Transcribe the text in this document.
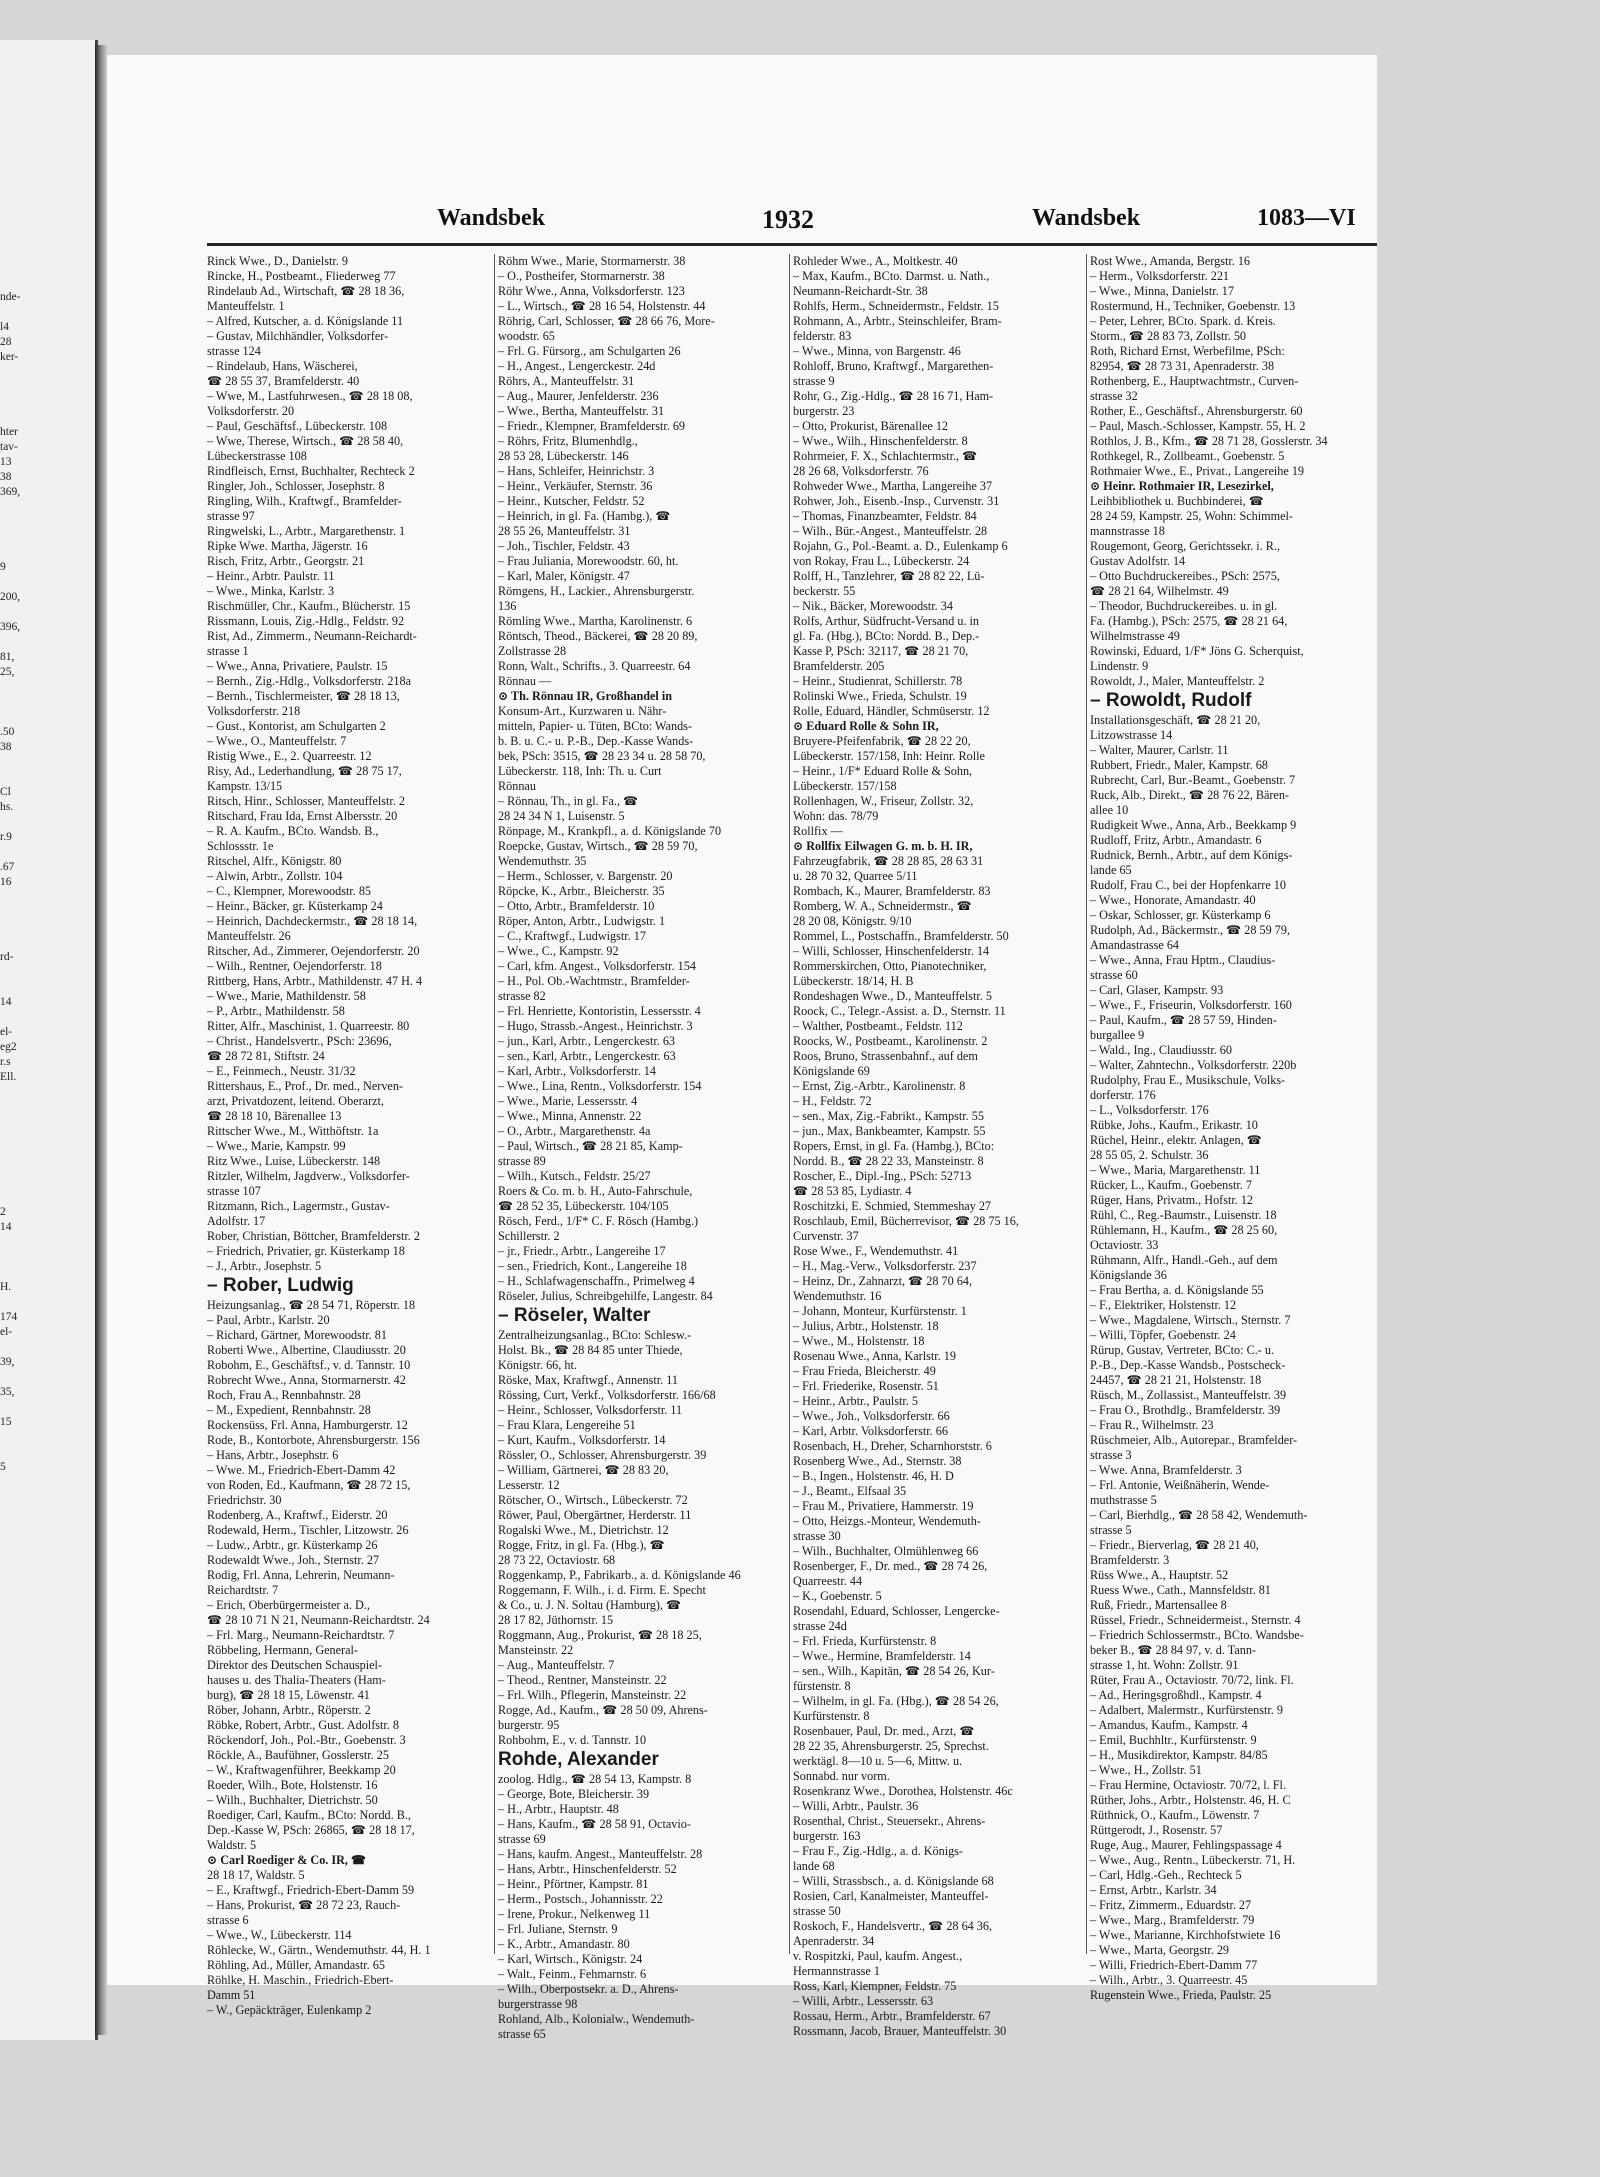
nde-
l4
28
ker-
hter
tav-
13
38
369,
9
200,
396,
81,
25,
.50
38
Cl
hs.
r.9
.67
16
rd-
14
el-
eg2
r.s
Ell.
2
14
H.
174
el-
39,
35,
15
5
Wandsbek	1932	Wandsbek	1083—VI
Rinck Wwe., D., Danielstr. 9
Rincke, H., Postbeamt., Fliederweg 77
Rindelaub Ad., Wirtschaft, ☎ 28 18 36,
Manteuffelstr. 1
– Alfred, Kutscher, a. d. Königslande 11
– Gustav, Milchhändler, Volksdorfer-
strasse 124
– Rindelaub, Hans, Wäscherei,
☎ 28 55 37, Bramfelderstr. 40
– Wwe, M., Lastfuhrwesen., ☎ 28 18 08,
Volksdorferstr. 20
– Paul, Geschäftsf., Lübeckerstr. 108
– Wwe, Therese, Wirtsch., ☎ 28 58 40,
Lübeckerstrasse 108
Rindfleisch, Ernst, Buchhalter, Rechteck 2
Ringler, Joh., Schlosser, Josephstr. 8
Ringling, Wilh., Kraftwgf., Bramfelder-
strasse 97
Ringwelski, L., Arbtr., Margarethenstr. 1
Ripke Wwe. Martha, Jägerstr. 16
Risch, Fritz, Arbtr., Georgstr. 21
– Heinr., Arbtr. Paulstr. 11
– Wwe., Minka, Karlstr. 3
Rischmüller, Chr., Kaufm., Blücherstr. 15
Rissmann, Louis, Zig.-Hdlg., Feldstr. 92
Rist, Ad., Zimmerm., Neumann-Reichardt-
strasse 1
– Wwe., Anna, Privatiere, Paulstr. 15
– Bernh., Zig.-Hdlg., Volksdorferstr. 218a
– Bernh., Tischlermeister, ☎ 28 18 13,
Volksdorferstr. 218
– Gust., Kontorist, am Schulgarten 2
– Wwe., O., Manteuffelstr. 7
Ristig Wwe., E., 2. Quarreestr. 12
Risy, Ad., Lederhandlung, ☎ 28 75 17,
Kampstr. 13/15
Ritsch, Hinr., Schlosser, Manteuffelstr. 2
Ritschard, Frau Ida, Ernst Albersstr. 20
– R. A. Kaufm., BCto. Wandsb. B.,
Schlossstr. 1e
Ritschel, Alfr., Königstr. 80
– Alwin, Arbtr., Zollstr. 104
– C., Klempner, Morewoodstr. 85
– Heinr., Bäcker, gr. Küsterkamp 24
– Heinrich, Dachdeckermstr., ☎ 28 18 14,
Manteuffelstr. 26
Ritscher, Ad., Zimmerer, Oejendorferstr. 20
– Wilh., Rentner, Oejendorferstr. 18
Rittberg, Hans, Arbtr., Mathildenstr. 47 H. 4
– Wwe., Marie, Mathildenstr. 58
– P., Arbtr., Mathildenstr. 58
Ritter, Alfr., Maschinist, 1. Quarreestr. 80
– Christ., Handelsvertr., PSch: 23696,
☎ 28 72 81, Stiftstr. 24
– E., Feinmech., Neustr. 31/32
Rittershaus, E., Prof., Dr. med., Nerven-
arzt, Privatdozent, leitend. Oberarzt,
☎ 28 18 10, Bärenallee 13
Rittscher Wwe., M., Witthöftstr. 1a
– Wwe., Marie, Kampstr. 99
Ritz Wwe., Luise, Lübeckerstr. 148
Ritzler, Wilhelm, Jagdverw., Volksdorfer-
strasse 107
Ritzmann, Rich., Lagermstr., Gustav-
Adolfstr. 17
Rober, Christian, Böttcher, Bramfelderstr. 2
– Friedrich, Privatier, gr. Küsterkamp 18
– J., Arbtr., Josephstr. 5
– Rober, Ludwig
Heizungsanlag., ☎ 28 54 71, Röperstr. 18
– Paul, Arbtr., Karlstr. 20
– Richard, Gärtner, Morewoodstr. 81
Roberti Wwe., Albertine, Claudiusstr. 20
Robohm, E., Geschäftsf., v. d. Tannstr. 10
Robrecht Wwe., Anna, Stormarnerstr. 42
Roch, Frau A., Rennbahnstr. 28
– M., Expedient, Rennbahnstr. 28
Rockensüss, Frl. Anna, Hamburgerstr. 12
Rode, B., Kontorbote, Ahrensburgerstr. 156
– Hans, Arbtr., Josephstr. 6
– Wwe. M., Friedrich-Ebert-Damm 42
von Roden, Ed., Kaufmann, ☎ 28 72 15,
Friedrichstr. 30
Rodenberg, A., Kraftwf., Eiderstr. 20
Rodewald, Herm., Tischler, Litzowstr. 26
– Ludw., Arbtr., gr. Küsterkamp 26
Rodewaldt Wwe., Joh., Sternstr. 27
Rodig, Frl. Anna, Lehrerin, Neumann-
Reichardtstr. 7
– Erich, Oberbürgermeister a. D.,
☎ 28 10 71 N 21, Neumann-Reichardtstr. 24
– Frl. Marg., Neumann-Reichardtstr. 7
Röbbeling, Hermann, General-
Direktor des Deutschen Schauspiel-
hauses u. des Thalia-Theaters (Ham-
burg), ☎ 28 18 15, Löwenstr. 41
Röber, Johann, Arbtr., Röperstr. 2
Röbke, Robert, Arbtr., Gust. Adolfstr. 8
Röckendorf, Joh., Pol.-Btr., Goebenstr. 3
Röckle, A., Baufühner, Gosslerstr. 25
– W., Kraftwagenführer, Beekkamp 20
Roeder, Wilh., Bote, Holstenstr. 16
– Wilh., Buchhalter, Dietrichstr. 50
Roediger, Carl, Kaufm., BCto: Nordd. B.,
Dep.-Kasse W, PSch: 26865, ☎ 28 18 17,
Waldstr. 5
⊙ Carl Roediger & Co. IR, ☎
28 18 17, Waldstr. 5
– E., Kraftwgf., Friedrich-Ebert-Damm 59
– Hans, Prokurist, ☎ 28 72 23, Rauch-
strasse 6
– Wwe., W., Lübeckerstr. 114
Röhlecke, W., Gärtn., Wendemuthstr. 44, H. 1
Röhling, Ad., Müller, Amandastr. 65
Röhlke, H. Maschin., Friedrich-Ebert-
Damm 51
– W., Gepäckträger, Eulenkamp 2
Röhm Wwe., Marie, Stormarnerstr. 38
– O., Postheifer, Stormarnerstr. 38
Röhr Wwe., Anna, Volksdorferstr. 123
– L., Wirtsch., ☎ 28 16 54, Holstenstr. 44
Röhrig, Carl, Schlosser, ☎ 28 66 76, More-
woodstr. 65
– Frl. G. Fürsorg., am Schulgarten 26
– H., Angest., Lengerckestr. 24d
Röhrs, A., Manteuffelstr. 31
– Aug., Maurer, Jenfelderstr. 236
– Wwe., Bertha, Manteuffelstr. 31
– Friedr., Klempner, Bramfelderstr. 69
– Röhrs, Fritz, Blumenhdlg.,
28 53 28, Lübeckerstr. 146
– Hans, Schleifer, Heinrichstr. 3
– Heinr., Verkäufer, Sternstr. 36
– Heinr., Kutscher, Feldstr. 52
– Heinrich, in gl. Fa. (Hambg.), ☎
28 55 26, Manteuffelstr. 31
– Joh., Tischler, Feldstr. 43
– Frau Juliania, Morewoodstr. 60, ht.
– Karl, Maler, Königstr. 47
Römgens, H., Lackier., Ahrensburgerstr.
136
Römling Wwe., Martha, Karolinenstr. 6
Röntsch, Theod., Bäckerei, ☎ 28 20 89,
Zollstrasse 28
Ronn, Walt., Schrifts., 3. Quarreestr. 64
Rönnau —
⊙ Th. Rönnau IR, Großhandel in
Konsum-Art., Kurzwaren u. Nähr-
mitteln, Papier- u. Tüten, BCto: Wands-
b. B. u. C.- u. P.-B., Dep.-Kasse Wands-
bek, PSch: 3515, ☎ 28 23 34 u. 28 58 70,
Lübeckerstr. 118, Inh: Th. u. Curt
Rönnau
– Rönnau, Th., in gl. Fa., ☎
28 24 34 N 1, Luisenstr. 5
Rönpage, M., Krankpfl., a. d. Königslande 70
Roepcke, Gustav, Wirtsch., ☎ 28 59 70,
Wendemuthstr. 35
– Herm., Schlosser, v. Bargenstr. 20
Röpcke, K., Arbtr., Bleicherstr. 35
– Otto, Arbtr., Bramfelderstr. 10
Röper, Anton, Arbtr., Ludwigstr. 1
– C., Kraftwgf., Ludwigstr. 17
– Wwe., C., Kampstr. 92
– Carl, kfm. Angest., Volksdorferstr. 154
– H., Pol. Ob.-Wachtmstr., Bramfelder-
strasse 82
– Frl. Henriette, Kontoristin, Lessersstr. 4
– Hugo, Strassb.-Angest., Heinrichstr. 3
– jun., Karl, Arbtr., Lengerckestr. 63
– sen., Karl, Arbtr., Lengerckestr. 63
– Karl, Arbtr., Volksdorferstr. 14
– Wwe., Lina, Rentn., Volksdorferstr. 154
– Wwe., Marie, Lessersstr. 4
– Wwe., Minna, Annenstr. 22
– O., Arbtr., Margarethenstr. 4a
– Paul, Wirtsch., ☎ 28 21 85, Kamp-
strasse 89
– Wilh., Kutsch., Feldstr. 25/27
Roers & Co. m. b. H., Auto-Fahrschule,
☎ 28 52 35, Lübeckerstr. 104/105
Rösch, Ferd., 1/F* C. F. Rösch (Hambg.)
Schillerstr. 2
– jr., Friedr., Arbtr., Langereihe 17
– sen., Friedrich, Kont., Langereihe 18
– H., Schlafwagenschaffn., Primelweg 4
Röseler, Julius, Schreibgehilfe, Langestr. 84
– Röseler, Walter
Zentralheizungsanlag., BCto: Schlesw.-
Holst. Bk., ☎ 28 84 85 unter Thiede,
Königstr. 66, ht.
Röske, Max, Kraftwgf., Annenstr. 11
Rössing, Curt, Verkf., Volksdorferstr. 166/68
– Heinr., Schlosser, Volksdorferstr. 11
– Frau Klara, Lengereihe 51
– Kurt, Kaufm., Volksdorferstr. 14
Rössler, O., Schlosser, Ahrensburgerstr. 39
– William, Gärtnerei, ☎ 28 83 20,
Lesserstr. 12
Rötscher, O., Wirtsch., Lübeckerstr. 72
Röwer, Paul, Obergärtner, Herderstr. 11
Rogalski Wwe., M., Dietrichstr. 12
Rogge, Fritz, in gl. Fa. (Hbg.), ☎
28 73 22, Octaviostr. 68
Roggenkamp, P., Fabrikarb., a. d. Königslande 46
Roggemann, F. Wilh., i. d. Firm. E. Specht
& Co., u. J. N. Soltau (Hamburg), ☎
28 17 82, Jüthornstr. 15
Roggmann, Aug., Prokurist, ☎ 28 18 25,
Mansteinstr. 22
– Aug., Manteuffelstr. 7
– Theod., Rentner, Mansteinstr. 22
– Frl. Wilh., Pflegerin, Mansteinstr. 22
Rogge, Ad., Kaufm., ☎ 28 50 09, Ahrens-
burgerstr. 95
Rohbohm, E., v. d. Tannstr. 10
Rohde, Alexander
zoolog. Hdlg., ☎ 28 54 13, Kampstr. 8
– George, Bote, Bleicherstr. 39
– H., Arbtr., Hauptstr. 48
– Hans, Kaufm., ☎ 28 58 91, Octavio-
strasse 69
– Hans, kaufm. Angest., Manteuffelstr. 28
– Hans, Arbtr., Hinschenfelderstr. 52
– Heinr., Pförtner, Kampstr. 81
– Herm., Postsch., Johannisstr. 22
– Irene, Prokur., Nelkenweg 11
– Frl. Juliane, Sternstr. 9
– K., Arbtr., Amandastr. 80
– Karl, Wirtsch., Königstr. 24
– Walt., Feinm., Fehmarnstr. 6
– Wilh., Oberpostsekr. a. D., Ahrens-
burgerstrasse 98
Rohland, Alb., Kolonialw., Wendemuth-
strasse 65
Rohleder Wwe., A., Moltkestr. 40
– Max, Kaufm., BCto. Darmst. u. Nath.,
Neumann-Reichardt-Str. 38
Rohlfs, Herm., Schneidermstr., Feldstr. 15
Rohmann, A., Arbtr., Steinschleifer, Bram-
felderstr. 83
– Wwe., Minna, von Bargenstr. 46
Rohloff, Bruno, Kraftwgf., Margarethen-
strasse 9
Rohr, G., Zig.-Hdlg., ☎ 28 16 71, Ham-
burgerstr. 23
– Otto, Prokurist, Bärenallee 12
– Wwe., Wilh., Hinschenfelderstr. 8
Rohrmeier, F. X., Schlachtermstr., ☎
28 26 68, Volksdorferstr. 76
Rohweder Wwe., Martha, Langereihe 37
Rohwer, Joh., Eisenb.-Insp., Curvenstr. 31
– Thomas, Finanzbeamter, Feldstr. 84
– Wilh., Bür.-Angest., Manteuffelstr. 28
Rojahn, G., Pol.-Beamt. a. D., Eulenkamp 6
von Rokay, Frau L., Lübeckerstr. 24
Rolff, H., Tanzlehrer, ☎ 28 82 22, Lü-
beckerstr. 55
– Nik., Bäcker, Morewoodstr. 34
Rolfs, Arthur, Südfrucht-Versand u. in
gl. Fa. (Hbg.), BCto: Nordd. B., Dep.-
Kasse P, PSch: 32117, ☎ 28 21 70,
Bramfelderstr. 205
– Heinr., Studienrat, Schillerstr. 78
Rolinski Wwe., Frieda, Schulstr. 19
Rolle, Eduard, Händler, Schmüserstr. 12
⊙ Eduard Rolle & Sohn IR,
Bruyere-Pfeifenfabrik, ☎ 28 22 20,
Lübeckerstr. 157/158, Inh: Heinr. Rolle
– Heinr., 1/F* Eduard Rolle & Sohn,
Lübeckerstr. 157/158
Rollenhagen, W., Friseur, Zollstr. 32,
Wohn: das. 78/79
Rollfix —
⊙ Rollfix Eilwagen G. m. b. H. IR,
Fahrzeugfabrik, ☎ 28 28 85, 28 63 31
u. 28 70 32, Quarree 5/11
Rombach, K., Maurer, Bramfelderstr. 83
Romberg, W. A., Schneidermstr., ☎
28 20 08, Königstr. 9/10
Rommel, L., Postschaffn., Bramfelderstr. 50
– Willi, Schlosser, Hinschenfelderstr. 14
Rommerskirchen, Otto, Pianotechniker,
Lübeckerstr. 18/14, H. B
Rondeshagen Wwe., D., Manteuffelstr. 5
Roock, C., Telegr.-Assist. a. D., Sternstr. 11
– Walther, Postbeamt., Feldstr. 112
Roocks, W., Postbeamt., Karolinenstr. 2
Roos, Bruno, Strassenbahnf., auf dem
Königslande 69
– Ernst, Zig.-Arbtr., Karolinenstr. 8
– H., Feldstr. 72
– sen., Max, Zig.-Fabrikt., Kampstr. 55
– jun., Max, Bankbeamter, Kampstr. 55
Ropers, Ernst, in gl. Fa. (Hambg.), BCto:
Nordd. B., ☎ 28 22 33, Mansteinstr. 8
Roscher, E., Dipl.-Ing., PSch: 52713
☎ 28 53 85, Lydiastr. 4
Roschitzki, E. Schmied, Stemmeshay 27
Roschlaub, Emil, Bücherrevisor, ☎ 28 75 16,
Curvenstr. 37
Rose Wwe., F., Wendemuthstr. 41
– H., Mag.-Verw., Volksdorferstr. 237
– Heinz, Dr., Zahnarzt, ☎ 28 70 64,
Wendemuthstr. 16
– Johann, Monteur, Kurfürstenstr. 1
– Julius, Arbtr., Holstenstr. 18
– Wwe., M., Holstenstr. 18
Rosenau Wwe., Anna, Karlstr. 19
– Frau Frieda, Bleicherstr. 49
– Frl. Friederike, Rosenstr. 51
– Heinr., Arbtr., Paulstr. 5
– Wwe., Joh., Volksdorferstr. 66
– Karl, Arbtr. Volksdorferstr. 66
Rosenbach, H., Dreher, Scharnhorststr. 6
Rosenberg Wwe., Ad., Sternstr. 38
– B., Ingen., Holstenstr. 46, H. D
– J., Beamt., Elfsaal 35
– Frau M., Privatiere, Hammerstr. 19
– Otto, Heizgs.-Monteur, Wendemuth-
strasse 30
– Wilh., Buchhalter, Olmühlenweg 66
Rosenberger, F., Dr. med., ☎ 28 74 26,
Quarreestr. 44
– K., Goebenstr. 5
Rosendahl, Eduard, Schlosser, Lengercke-
strasse 24d
– Frl. Frieda, Kurfürstenstr. 8
– Wwe., Hermine, Bramfelderstr. 14
– sen., Wilh., Kapitän, ☎ 28 54 26, Kur-
fürstenstr. 8
– Wilhelm, in gl. Fa. (Hbg.), ☎ 28 54 26,
Kurfürstenstr. 8
Rosenbauer, Paul, Dr. med., Arzt, ☎
28 22 35, Ahrensburgerstr. 25, Sprechst.
werktägl. 8—10 u. 5—6, Mittw. u.
Sonnabd. nur vorm.
Rosenkranz Wwe., Dorothea, Holstenstr. 46c
– Willi, Arbtr., Paulstr. 36
Rosenthal, Christ., Steuersekr., Ahrens-
burgerstr. 163
– Frau F., Zig.-Hdlg., a. d. Königs-
lande 68
– Willi, Strassbsch., a. d. Königslande 68
Rosien, Carl, Kanalmeister, Manteuffel-
strasse 50
Roskoch, F., Handelsvertr., ☎ 28 64 36,
Apenraderstr. 34
v. Rospitzki, Paul, kaufm. Angest.,
Hermannstrasse 1
Ross, Karl, Klempner, Feldstr. 75
– Willi, Arbtr., Lessersstr. 63
Rossau, Herm., Arbtr., Bramfelderstr. 67
Rossmann, Jacob, Brauer, Manteuffelstr. 30
Rost Wwe., Amanda, Bergstr. 16
– Herm., Volksdorferstr. 221
– Wwe., Minna, Danielstr. 17
Rostermund, H., Techniker, Goebenstr. 13
– Peter, Lehrer, BCto. Spark. d. Kreis.
Storm., ☎ 28 83 73, Zollstr. 50
Roth, Richard Ernst, Werbefilme, PSch:
82954, ☎ 28 73 31, Apenraderstr. 38
Rothenberg, E., Hauptwachtmstr., Curven-
strasse 32
Rother, E., Geschäftsf., Ahrensburgerstr. 60
– Paul, Masch.-Schlosser, Kampstr. 55, H. 2
Rothlos, J. B., Kfm., ☎ 28 71 28, Gosslerstr. 34
Rothkegel, R., Zollbeamt., Goebenstr. 5
Rothmaier Wwe., E., Privat., Langereihe 19
⊙ Heinr. Rothmaier IR, Lesezirkel,
Leihbibliothek u. Buchbinderei, ☎
28 24 59, Kampstr. 25, Wohn: Schimmel-
mannstrasse 18
Rougemont, Georg, Gerichtssekr. i. R.,
Gustav Adolfstr. 14
– Otto Buchdruckereibes., PSch: 2575,
☎ 28 21 64, Wilhelmstr. 49
– Theodor, Buchdruckereibes. u. in gl.
Fa. (Hambg.), PSch: 2575, ☎ 28 21 64,
Wilhelmstrasse 49
Rowinski, Eduard, 1/F* Jöns G. Scherquist,
Lindenstr. 9
Rowoldt, J., Maler, Manteuffelstr. 2
– Rowoldt, Rudolf
Installationsgeschäft, ☎ 28 21 20,
Litzowstrasse 14
– Walter, Maurer, Carlstr. 11
Rubbert, Friedr., Maler, Kampstr. 68
Rubrecht, Carl, Bur.-Beamt., Goebenstr. 7
Ruck, Alb., Direkt., ☎ 28 76 22, Bären-
allee 10
Rudigkeit Wwe., Anna, Arb., Beekkamp 9
Rudloff, Fritz, Arbtr., Amandastr. 6
Rudnick, Bernh., Arbtr., auf dem Königs-
lande 65
Rudolf, Frau C., bei der Hopfenkarre 10
– Wwe., Honorate, Amandastr. 40
– Oskar, Schlosser, gr. Küsterkamp 6
Rudolph, Ad., Bäckermstr., ☎ 28 59 79,
Amandastrasse 64
– Wwe., Anna, Frau Hptm., Claudius-
strasse 60
– Carl, Glaser, Kampstr. 93
– Wwe., F., Friseurin, Volksdorferstr. 160
– Paul, Kaufm., ☎ 28 57 59, Hinden-
burgallee 9
– Wald., Ing., Claudiusstr. 60
– Walter, Zahntechn., Volksdorferstr. 220b
Rudolphy, Frau E., Musikschule, Volks-
dorferstr. 176
– L., Volksdorferstr. 176
Rübke, Johs., Kaufm., Erikastr. 10
Rüchel, Heinr., elektr. Anlagen, ☎
28 55 05, 2. Schulstr. 36
– Wwe., Maria, Margarethenstr. 11
Rücker, L., Kaufm., Goebenstr. 7
Rüger, Hans, Privatm., Hofstr. 12
Rühl, C., Reg.-Baumstr., Luisenstr. 18
Rühlemann, H., Kaufm., ☎ 28 25 60,
Octaviostr. 33
Rühmann, Alfr., Handl.-Geh., auf dem
Königslande 36
– Frau Bertha, a. d. Königslande 55
– F., Elektriker, Holstenstr. 12
– Wwe., Magdalene, Wirtsch., Sternstr. 7
– Willi, Töpfer, Goebenstr. 24
Rürup, Gustav, Vertreter, BCto: C.- u.
P.-B., Dep.-Kasse Wandsb., Postscheck-
24457, ☎ 28 21 21, Holstenstr. 18
Rüsch, M., Zollassist., Manteuffelstr. 39
– Frau O., Brothdlg., Bramfelderstr. 39
– Frau R., Wilhelmstr. 23
Rüschmeier, Alb., Autorepar., Bramfelder-
strasse 3
– Wwe. Anna, Bramfelderstr. 3
– Frl. Antonie, Weißnäherin, Wende-
muthstrasse 5
– Carl, Bierhdlg., ☎ 28 58 42, Wendemuth-
strasse 5
– Friedr., Bierverlag, ☎ 28 21 40,
Bramfelderstr. 3
Rüss Wwe., A., Hauptstr. 52
Ruess Wwe., Cath., Mannsfeldstr. 81
Ruß, Friedr., Martensallee 8
Rüssel, Friedr., Schneidermeist., Sternstr. 4
– Friedrich Schlossermstr., BCto. Wandsbe-
beker B., ☎ 28 84 97, v. d. Tann-
strasse 1, ht. Wohn: Zollstr. 91
Rüter, Frau A., Octaviostr. 70/72, link. Fl.
– Ad., Heringsgroßhdl., Kampstr. 4
– Adalbert, Malermstr., Kurfürstenstr. 9
– Amandus, Kaufm., Kampstr. 4
– Emil, Buchhltr., Kurfürstenstr. 9
– H., Musikdirektor, Kampstr. 84/85
– Wwe., H., Zollstr. 51
– Frau Hermine, Octaviostr. 70/72, l. Fl.
Rüther, Johs., Arbtr., Holstenstr. 46, H. C
Rüthnick, O., Kaufm., Löwenstr. 7
Rüttgerodt, J., Rosenstr. 57
Ruge, Aug., Maurer, Fehlingspassage 4
– Wwe., Aug., Rentn., Lübeckerstr. 71, H.
– Carl, Hdlg.-Geh., Rechteck 5
– Ernst, Arbtr., Karlstr. 34
– Fritz, Zimmerm., Eduardstr. 27
– Wwe., Marg., Bramfelderstr. 79
– Wwe., Marianne, Kirchhofstwiete 16
– Wwe., Marta, Georgstr. 29
– Willi, Friedrich-Ebert-Damm 77
– Wilh., Arbtr., 3. Quarreestr. 45
Rugenstein Wwe., Frieda, Paulstr. 25
